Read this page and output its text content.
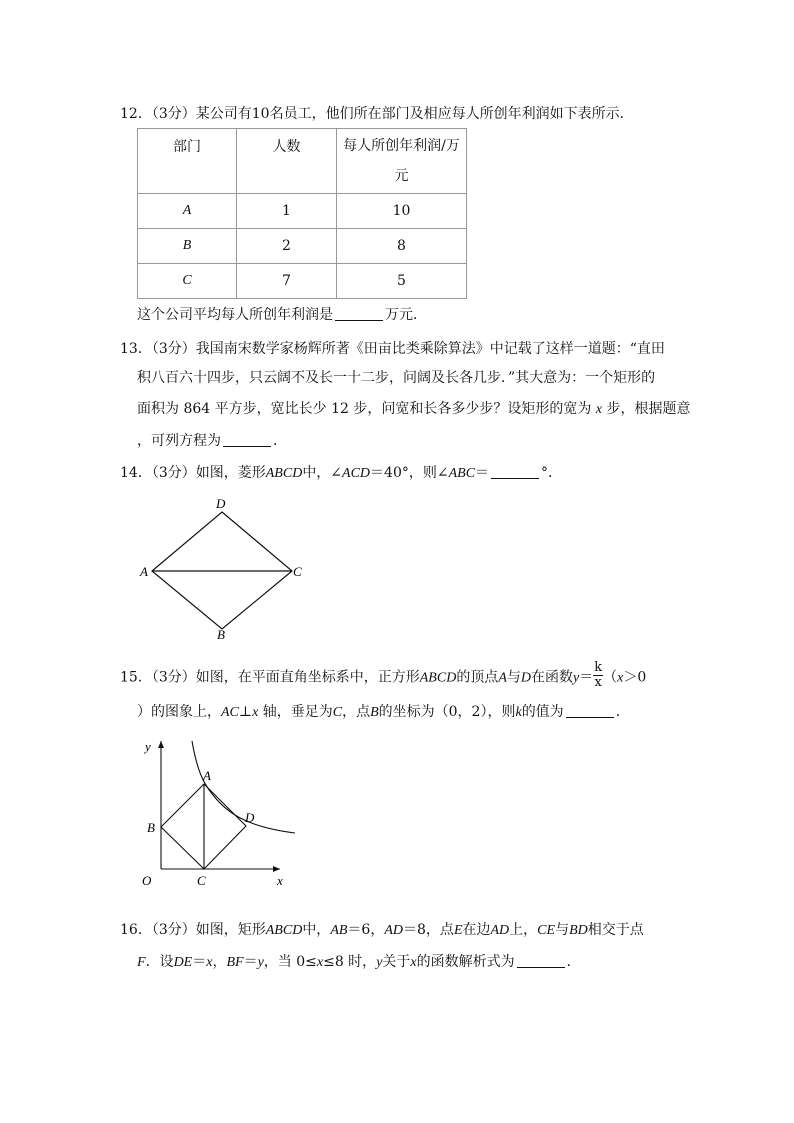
12．（3分）某公司有10名员工，他们所在部门及相应每人所创年利润如下表所示．
部门	人数	每人所创年利润/万
元

A	1	10
B	2	8
C	7	5
这个公司平均每人所创年利润是	万元．
13．（3分）我国南宋数学家杨辉所著《田亩比类乘除算法》中记载了这样一道题：“直田
积八百六十四步，只云阔不及长一十二步，问阔及长各几步．”其大意为：一个矩形的
面积为 864 平方步，宽比长少 12 步，问宽和长各多少步？设矩形的宽为 x 步，根据题意
，可列方程为	．
14．（3分）如图，菱形ABCD中，∠ACD＝40°，则∠ABC＝	°．
D
A	C
B
15．（3分）如图，在平面直角坐标系中，正方形ABCD的顶点A与D在函数$y= \frac{k}{x} (x>0$
）的图象上，AC⊥x 轴，垂足为C，点B的坐标为（0，2），则k的值为	．
y
A
D
B
O	C	x
16．（3分）如图，矩形ABCD中，AB＝6，AD＝8，点E在边AD上，CE与BD相交于点
F．设DE＝x，BF＝y，当 0≤x≤8 时，y关于x的函数解析式为	．
